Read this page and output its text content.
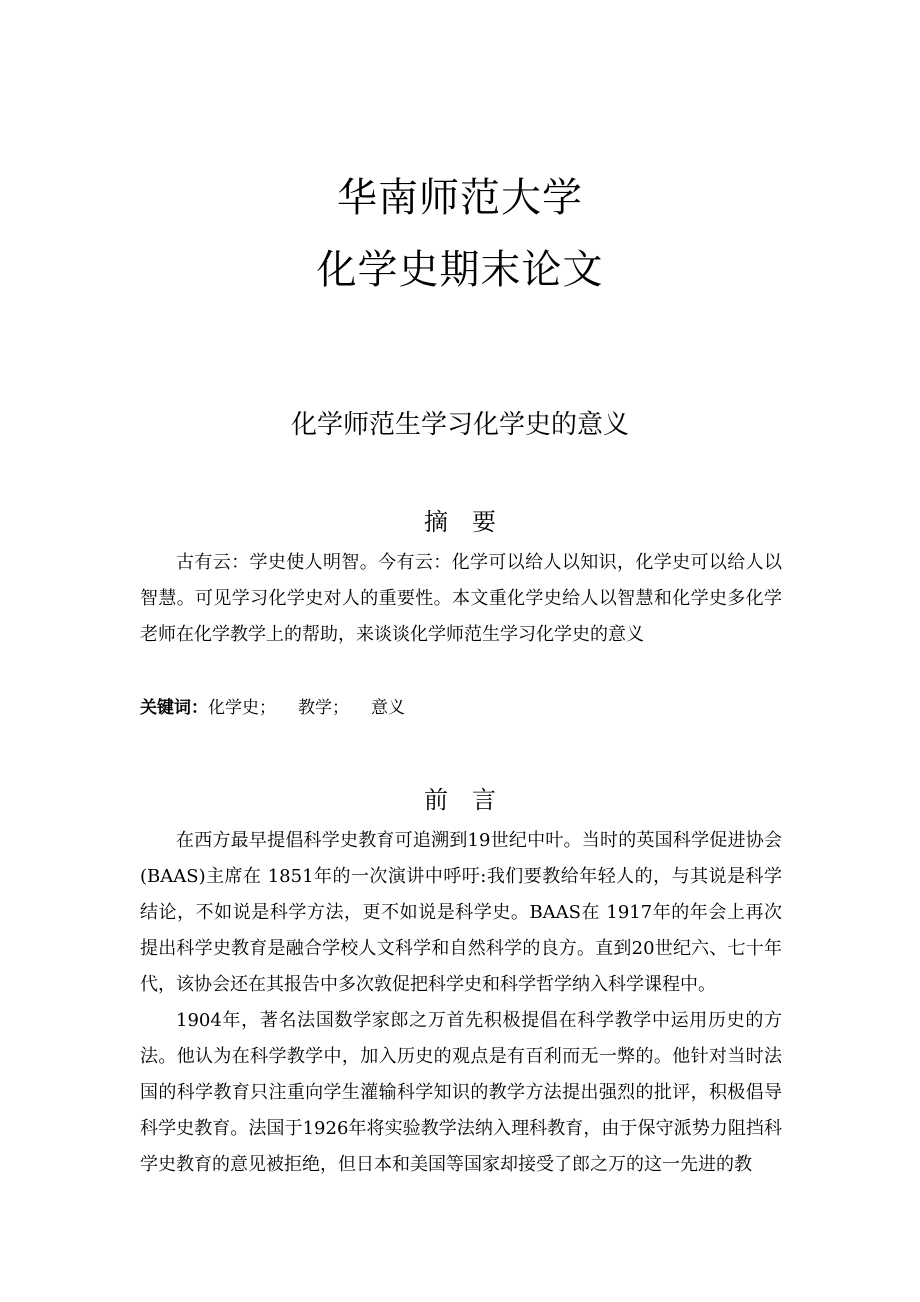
华南师范大学
化学史期末论文
化学师范生学习化学史的意义
摘　要

古有云：学史使人明智。今有云：化学可以给人以知识，化学史可以给人以智慧。可见学习化学史对人的重要性。本文重化学史给人以智慧和化学史多化学老师在化学教学上的帮助，来谈谈化学师范生学习化学史的意义

关键词：化学史； 教学； 意义
前　言

在西方最早提倡科学史教育可追溯到19世纪中叶。当时的英国科学促进协会(BAAS)主席在 1851年的一次演讲中呼吁:我们要教给年轻人的，与其说是科学结论，不如说是科学方法，更不如说是科学史。BAAS在 1917年的年会上再次提出科学史教育是融合学校人文科学和自然科学的良方。直到20世纪六、七十年代，该协会还在其报告中多次敦促把科学史和科学哲学纳入科学课程中。

1904年，著名法国数学家郎之万首先积极提倡在科学教学中运用历史的方法。他认为在科学教学中，加入历史的观点是有百利而无一弊的。他针对当时法国的科学教育只注重向学生灌输科学知识的教学方法提出强烈的批评，积极倡导科学史教育。法国于1926年将实验教学法纳入理科教育，由于保守派势力阻挡科学史教育的意见被拒绝，但日本和美国等国家却接受了郎之万的这一先进的教
